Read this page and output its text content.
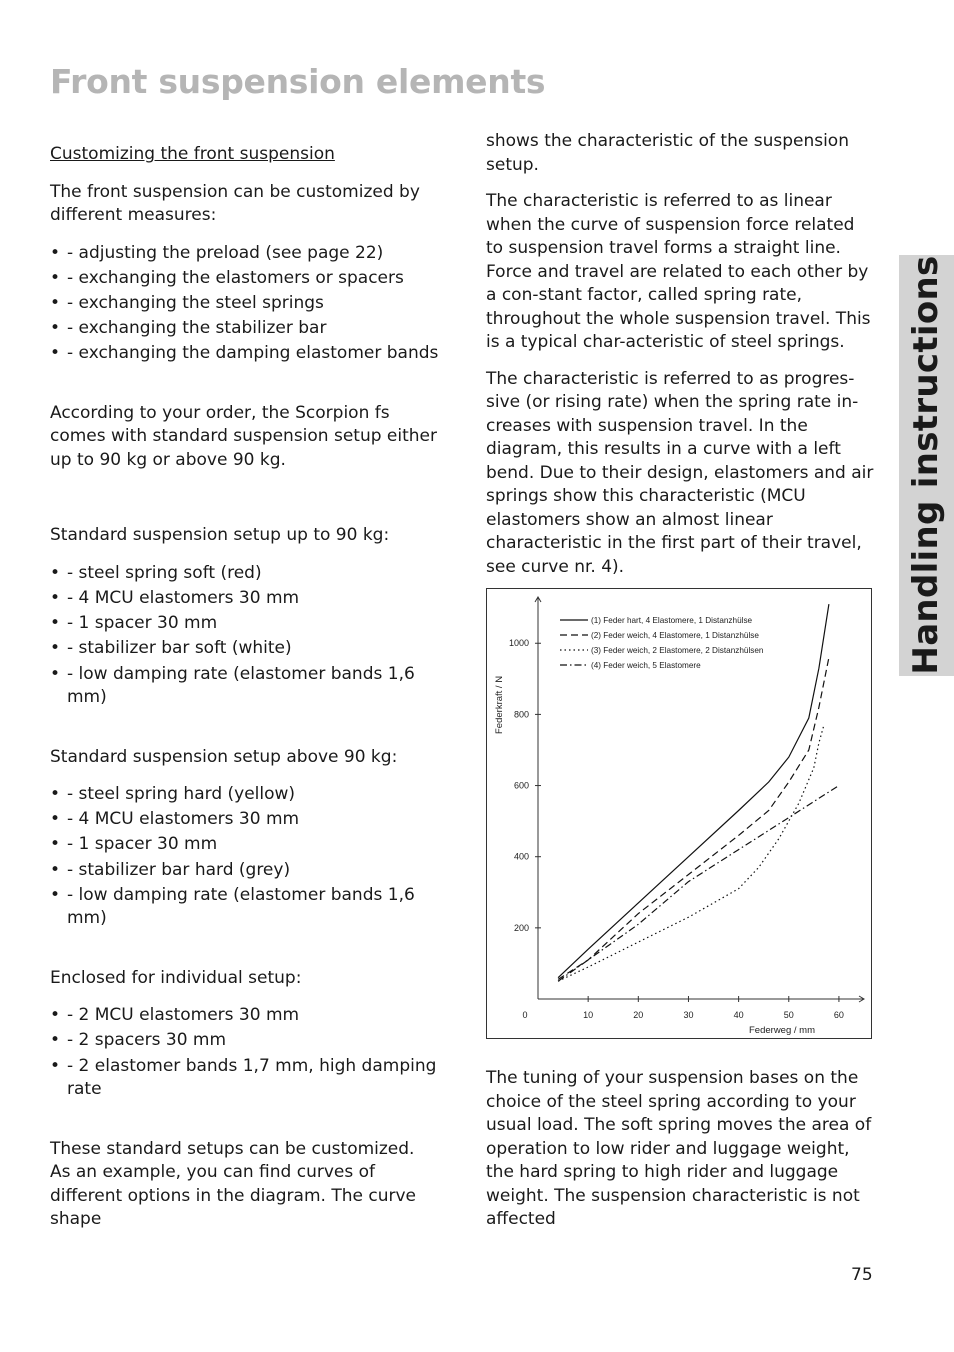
Front suspension elements
Handling instructions

Customizing the front suspension

The front suspension can be customized by different measures:

• - adjusting the preload (see page 22)
• - exchanging the elastomers or spacers
• - exchanging the steel springs
• - exchanging the stabilizer bar
• - exchanging the damping elastomer bands

According to your order, the Scorpion fs comes with standard suspension setup either up to 90 kg or above 90 kg.

Standard suspension setup up to 90 kg:

• - steel spring soft (red)
• - 4 MCU elastomers 30 mm
• - 1 spacer 30 mm
• - stabilizer bar soft (white)
• - low damping rate (elastomer bands 1,6 mm)

Standard suspension setup above 90 kg:

• - steel spring hard (yellow)
• - 4 MCU elastomers 30 mm
• - 1 spacer 30 mm
• - stabilizer bar hard (grey)
• - low damping rate (elastomer bands 1,6 mm)

Enclosed for individual setup:

• - 2 MCU elastomers 30 mm
• - 2 spacers 30 mm
• - 2 elastomer bands 1,7 mm, high damping rate

These standard setups can be customized. As an example, you can find curves of different options in the diagram. The curve shape

shows the characteristic of the suspension setup.

The characteristic is referred to as linear when the curve of suspension force related to suspension travel forms a straight line. Force and travel are related to each other by a con-stant factor, called spring rate, throughout the whole suspension travel. This is a typical char-acteristic of steel springs.

The characteristic is referred to as progres-sive (or rising rate) when the spring rate in-creases with suspension travel. In the diagram, this results in a curve with a left bend. Due to their design, elastomers and air springs show this characteristic (MCU elastomers show an almost linear characteristic in the first part of their travel, see curve nr. 4).

0	10	20	30	40	50	60
200
400
600
800
1000
Federweg / mm
Federkraft / N
(1) Feder hart, 4 Elastomere, 1 Distanzhülse
(2) Feder weich, 4 Elastomere, 1 Distanzhülse
(3) Feder weich, 2 Elastomere, 2 Distanzhülsen
(4) Feder weich, 5 Elastomere

The tuning of your suspension bases on the choice of the steel spring according to your usual load. The soft spring moves the area of operation to low rider and luggage weight, the hard spring to high rider and luggage weight. The suspension characteristic is not affected

75
